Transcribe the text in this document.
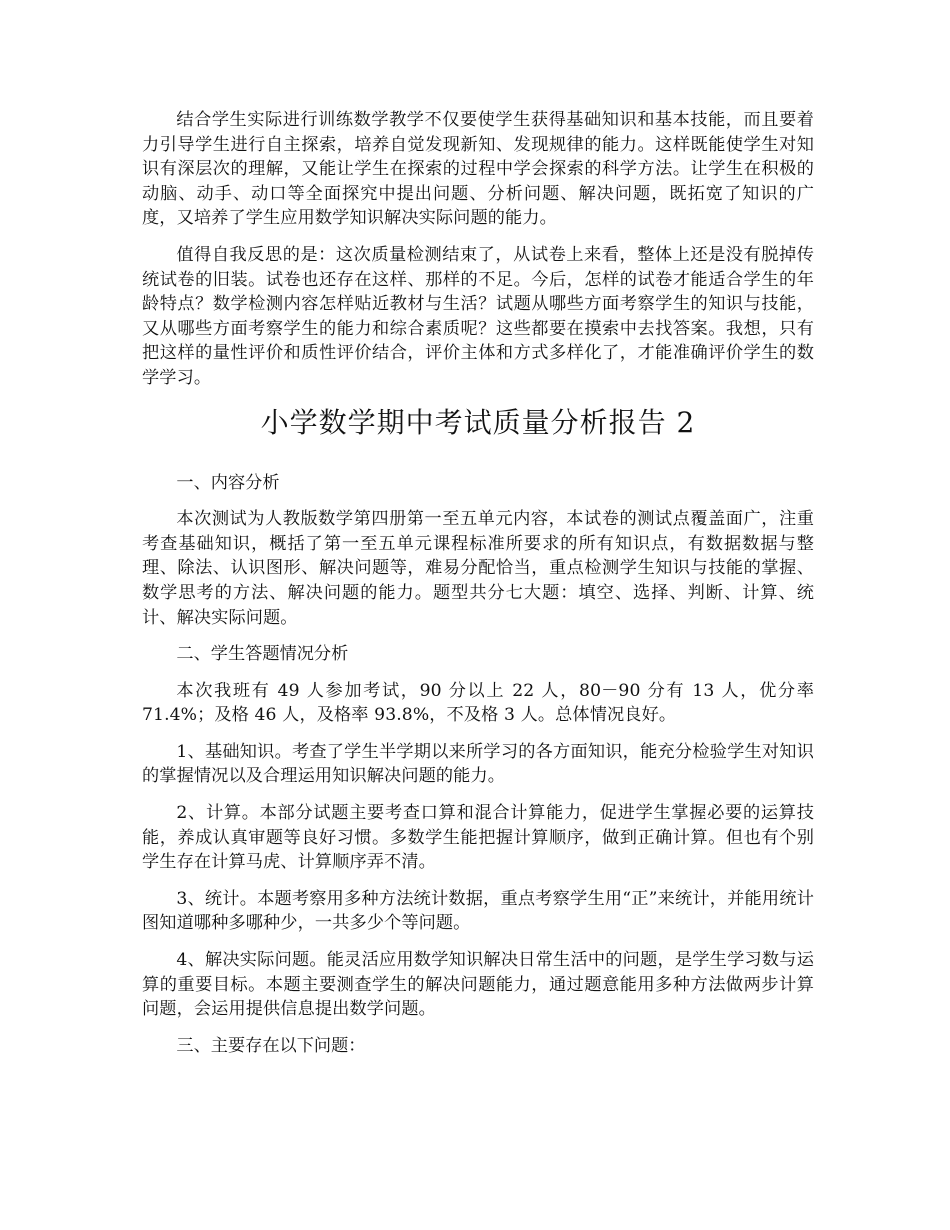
结合学生实际进行训练数学教学不仅要使学生获得基础知识和基本技能，而且要着力引导学生进行自主探索，培养自觉发现新知、发现规律的能力。这样既能使学生对知识有深层次的理解，又能让学生在探索的过程中学会探索的科学方法。让学生在积极的动脑、动手、动口等全面探究中提出问题、分析问题、解决问题，既拓宽了知识的广度，又培养了学生应用数学知识解决实际问题的能力。

值得自我反思的是：这次质量检测结束了，从试卷上来看，整体上还是没有脱掉传统试卷的旧装。试卷也还存在这样、那样的不足。今后，怎样的试卷才能适合学生的年龄特点？数学检测内容怎样贴近教材与生活？试题从哪些方面考察学生的知识与技能，又从哪些方面考察学生的能力和综合素质呢？这些都要在摸索中去找答案。我想，只有把这样的量性评价和质性评价结合，评价主体和方式多样化了，才能准确评价学生的数学学习。

小学数学期中考试质量分析报告 2

一、内容分析

本次测试为人教版数学第四册第一至五单元内容，本试卷的测试点覆盖面广，注重考查基础知识，概括了第一至五单元课程标准所要求的所有知识点，有数据数据与整理、除法、认识图形、解决问题等，难易分配恰当，重点检测学生知识与技能的掌握、数学思考的方法、解决问题的能力。题型共分七大题：填空、选择、判断、计算、统计、解决实际问题。

二、学生答题情况分析

本次我班有 49 人参加考试，90 分以上 22 人，80－90 分有 13 人，优分率 71.4%；及格 46 人，及格率 93.8%，不及格 3 人。总体情况良好。

1、基础知识。考查了学生半学期以来所学习的各方面知识，能充分检验学生对知识的掌握情况以及合理运用知识解决问题的能力。

2、计算。本部分试题主要考查口算和混合计算能力，促进学生掌握必要的运算技能，养成认真审题等良好习惯。多数学生能把握计算顺序，做到正确计算。但也有个别学生存在计算马虎、计算顺序弄不清。

3、统计。本题考察用多种方法统计数据，重点考察学生用“正”来统计，并能用统计图知道哪种多哪种少，一共多少个等问题。

4、解决实际问题。能灵活应用数学知识解决日常生活中的问题，是学生学习数与运算的重要目标。本题主要测查学生的解决问题能力，通过题意能用多种方法做两步计算问题，会运用提供信息提出数学问题。

三、主要存在以下问题：
